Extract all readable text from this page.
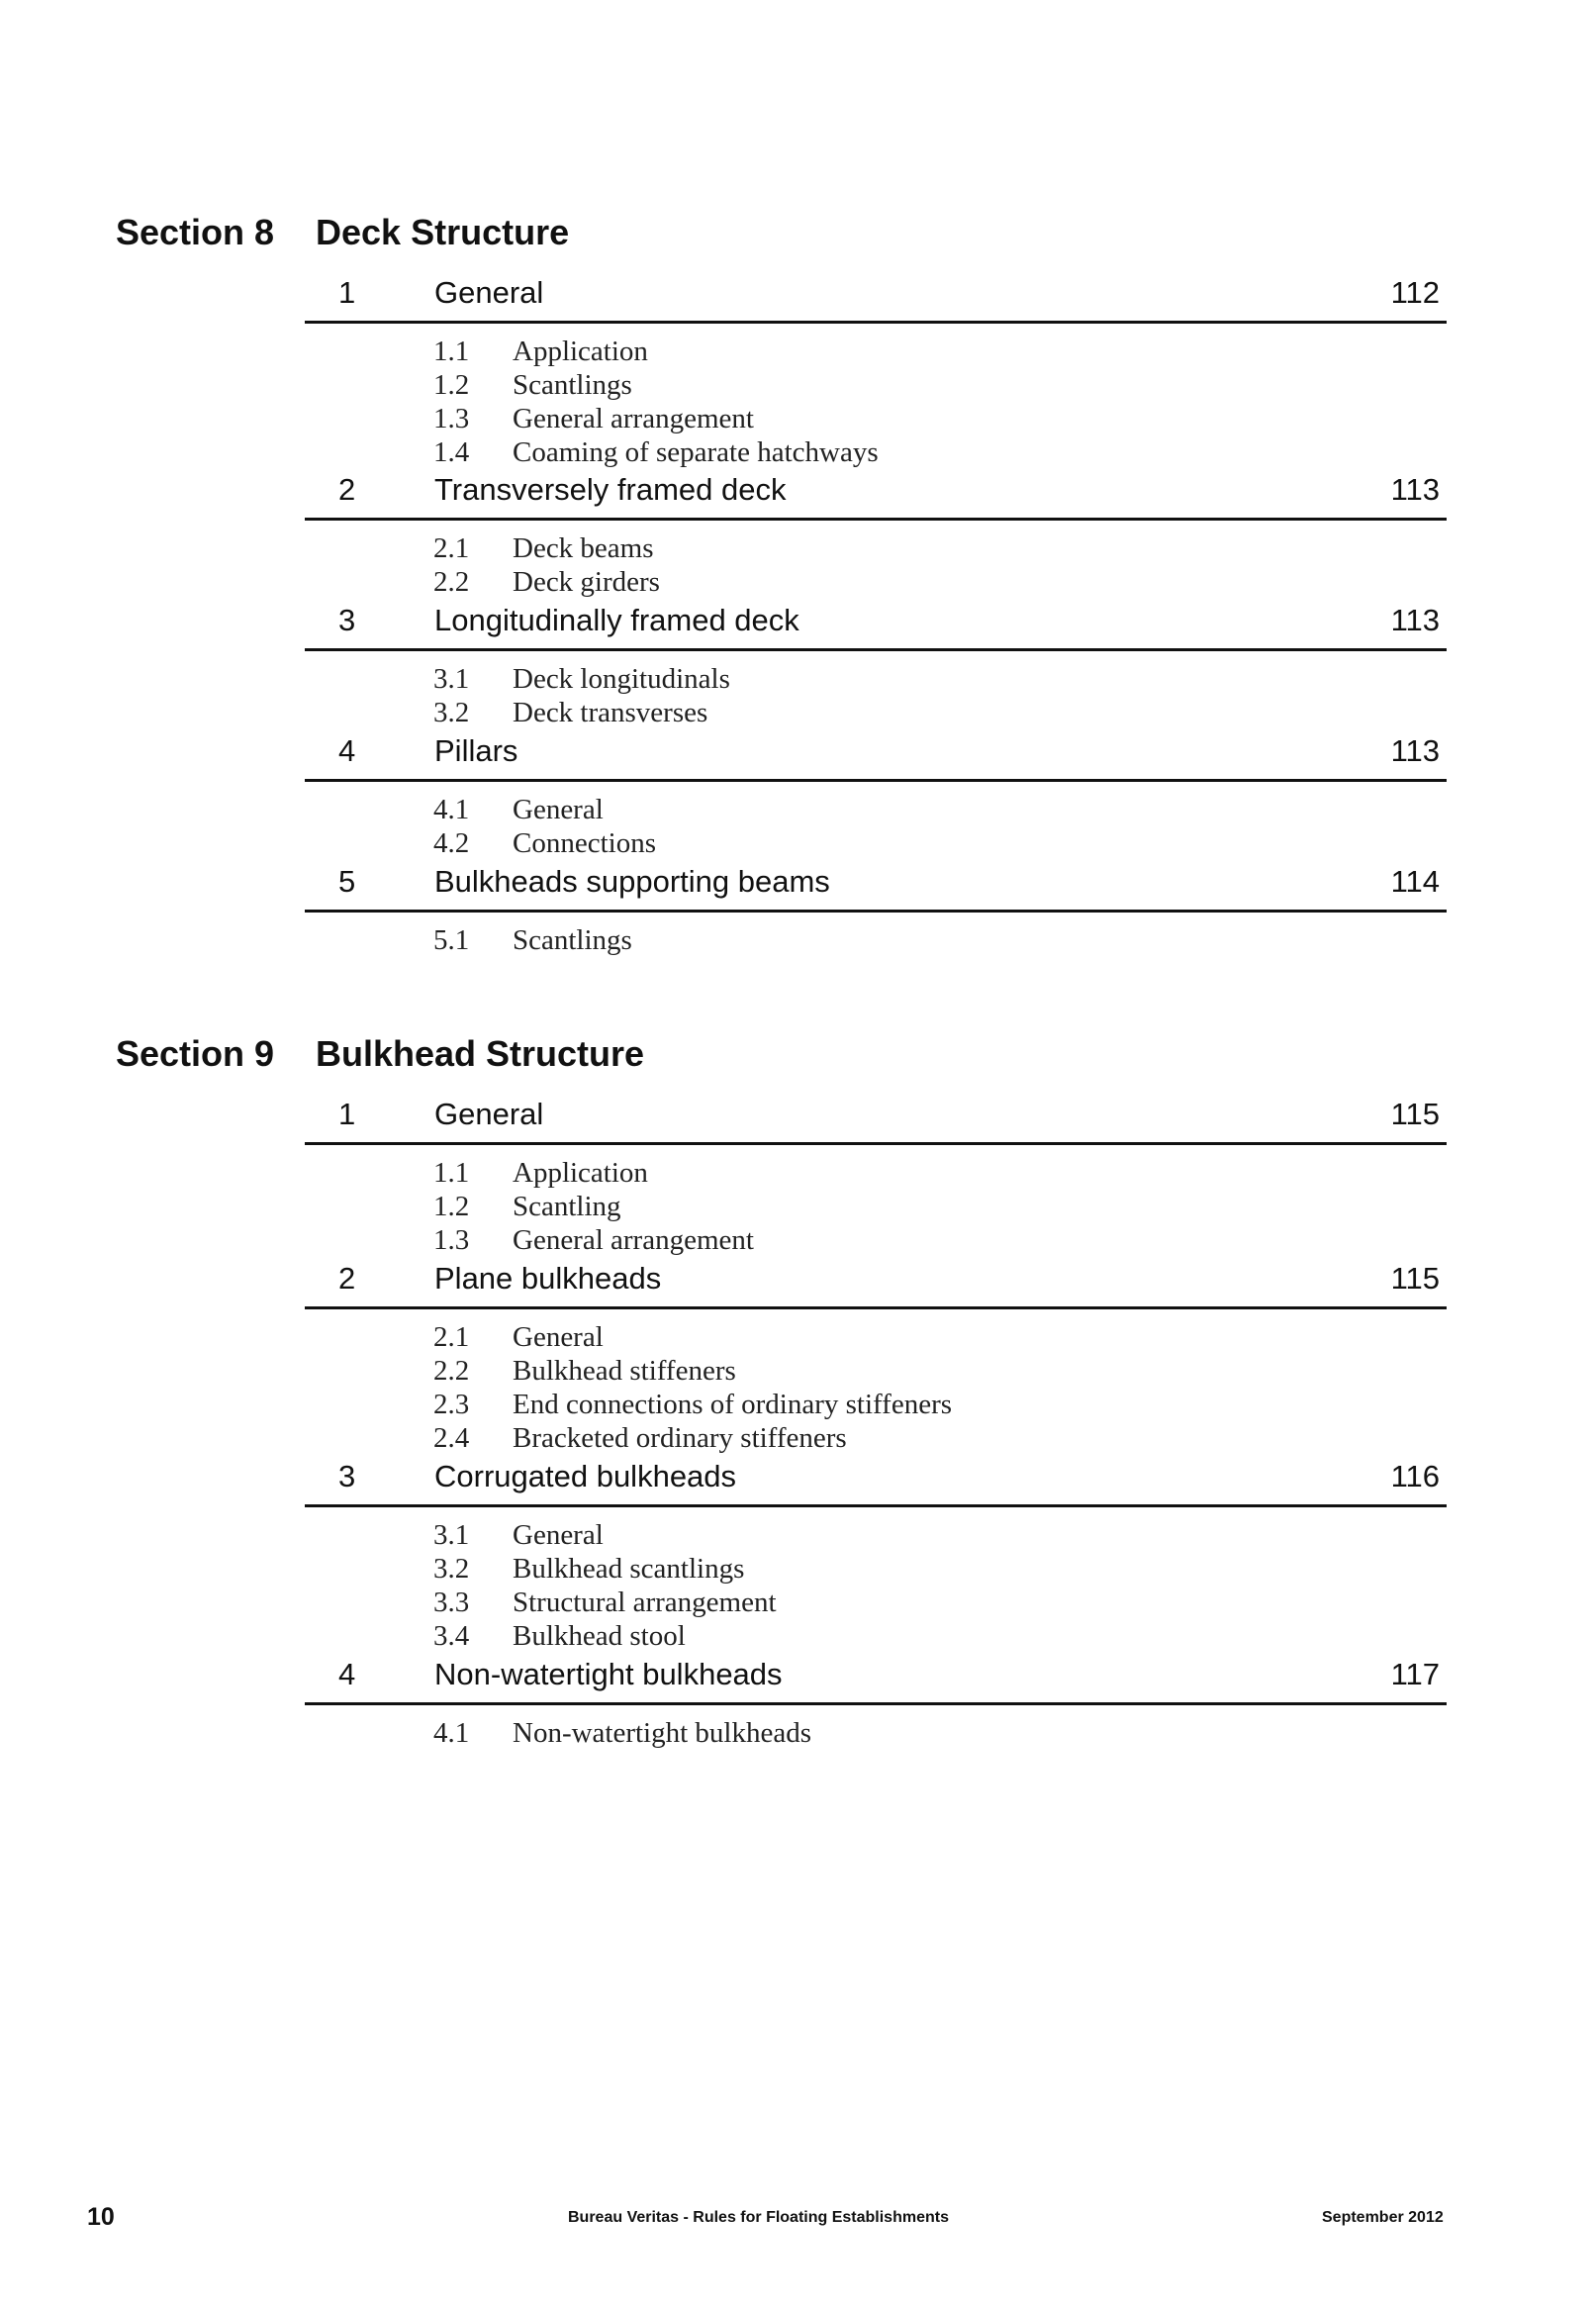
Section 8 Deck Structure
1	General	112
1.1 Application
1.2 Scantlings
1.3 General arrangement
1.4 Coaming of separate hatchways
2	Transversely framed deck	113
2.1 Deck beams
2.2 Deck girders
3	Longitudinally framed deck	113
3.1 Deck longitudinals
3.2 Deck transverses
4	Pillars	113
4.1 General
4.2 Connections
5	Bulkheads supporting beams	114
5.1 Scantlings
Section 9 Bulkhead Structure
1	General	115
1.1 Application
1.2 Scantling
1.3 General arrangement
2	Plane bulkheads	115
2.1 General
2.2 Bulkhead stiffeners
2.3 End connections of ordinary stiffeners
2.4 Bracketed ordinary stiffeners
3	Corrugated bulkheads	116
3.1 General
3.2 Bulkhead scantlings
3.3 Structural arrangement
3.4 Bulkhead stool
4	Non-watertight bulkheads	117
4.1 Non-watertight bulkheads
10	Bureau Veritas - Rules for Floating Establishments	September 2012
